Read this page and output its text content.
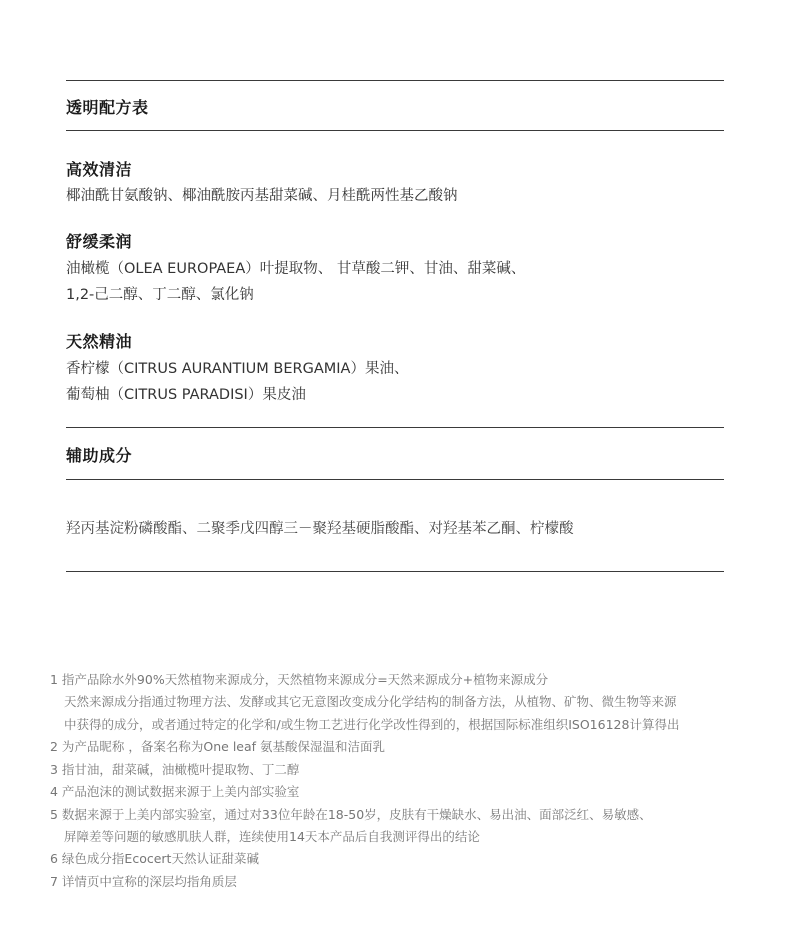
透明配方表
辅助成分
高效清洁
椰油酰甘氨酸钠、椰油酰胺丙基甜菜碱、月桂酰两性基乙酸钠
舒缓柔润
油橄榄（OLEA EUROPAEA）叶提取物、 甘草酸二钾、甘油、甜菜碱、
1,2-己二醇、丁二醇、氯化钠
天然精油
香柠檬（CITRUS AURANTIUM BERGAMIA）果油、
葡萄柚（CITRUS PARADISI）果皮油
羟丙基淀粉磷酸酯、二聚季戊四醇三－聚羟基硬脂酸酯、对羟基苯乙酮、柠檬酸
1 指产品除水外90%天然植物来源成分，天然植物来源成分=天然来源成分+植物来源成分
天然来源成分指通过物理方法、发酵或其它无意图改变成分化学结构的制备方法，从植物、矿物、微生物等来源
中获得的成分，或者通过特定的化学和/或生物工艺进行化学改性得到的，根据国际标准组织ISO16128计算得出
2 为产品昵称 ，备案名称为One leaf 氨基酸保湿温和洁面乳
3 指甘油，甜菜碱，油橄榄叶提取物、丁二醇
4 产品泡沫的测试数据来源于上美内部实验室
5 数据来源于上美内部实验室，通过对33位年龄在18-50岁，皮肤有干燥缺水、易出油、面部泛红、易敏感、
屏障差等问题的敏感肌肤人群，连续使用14天本产品后自我测评得出的结论
6 绿色成分指Ecocert天然认证甜菜碱
7 详情页中宣称的深层均指角质层
